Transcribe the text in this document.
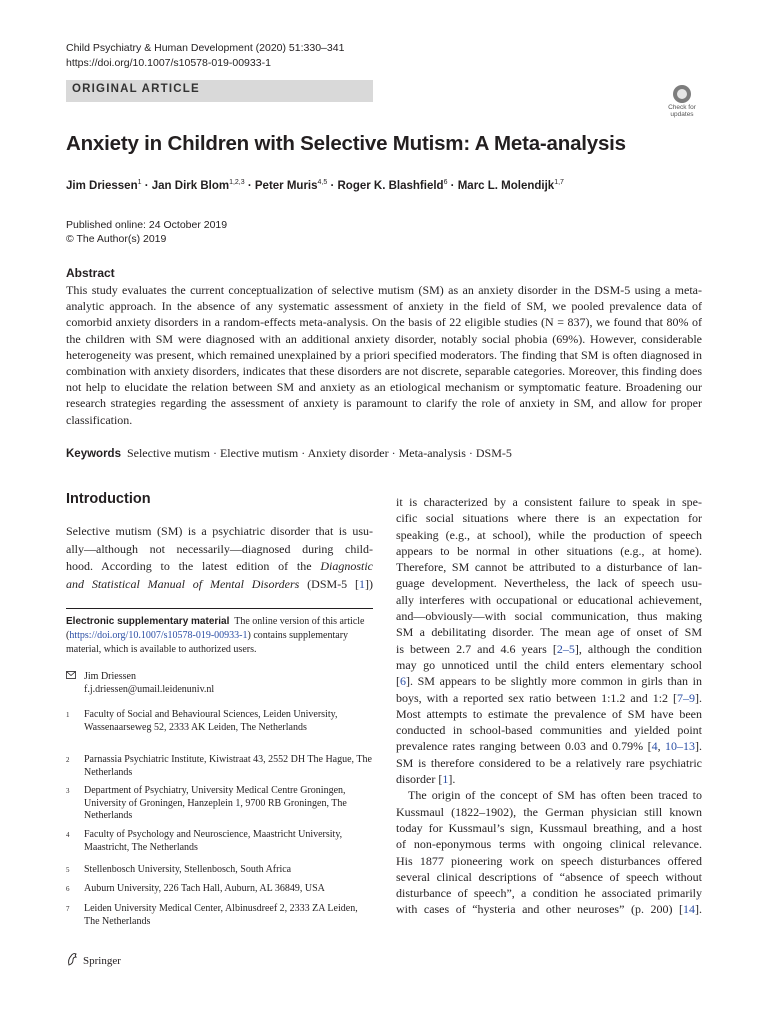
Child Psychiatry & Human Development (2020) 51:330–341
https://doi.org/10.1007/s10578-019-00933-1
ORIGINAL ARTICLE
Check for
updates
Anxiety in Children with Selective Mutism: A Meta-analysis
Jim Driessen$^1$ · Jan Dirk Blom$^{1,2,3}$ · Peter Muris$^{4,5}$ · Roger K. Blashfield$^6$ · Marc L. Molendijk$^{1,7}$
Published online: 24 October 2019
© The Author(s) 2019
Abstract
This study evaluates the current conceptualization of selective mutism (SM) as an anxiety disorder in the DSM-5 using a meta-analytic approach. In the absence of any systematic assessment of anxiety in the field of SM, we pooled prevalence data of comorbid anxiety disorders in a random-effects meta-analysis. On the basis of 22 eligible studies (N = 837), we found that 80% of the children with SM were diagnosed with an additional anxiety disorder, notably social phobia (69%). However, considerable heterogeneity was present, which remained unexplained by a priori specified moderators. The finding that SM is often diagnosed in combination with anxiety disorders, indicates that these disorders are not discrete, separable categories. Moreover, this finding does not help to elucidate the relation between SM and anxiety as an etiological mechanism or symptomatic feature. Broadening our research strategies regarding the assessment of anxiety is paramount to clarify the role of anxiety in SM, and allow for proper classification.
Keywords Selective mutism · Elective mutism · Anxiety disorder · Meta-analysis · DSM-5
Introduction
Selective mutism (SM) is a psychiatric disorder that is usu-
ally—although not necessarily—diagnosed during child-
hood. According to the latest edition of the Diagnostic
and Statistical Manual of Mental Disorders (DSM-5 [1])
Electronic supplementary material The online version of this article (https://doi.org/10.1007/s10578-019-00933-1) contains supplementary material, which is available to authorized users.
Jim Driessen
f.j.driessen@umail.leidenuniv.nl
1 Faculty of Social and Behavioural Sciences, Leiden University, Wassenaarseweg 52, 2333 AK Leiden, The Netherlands
2 Parnassia Psychiatric Institute, Kiwistraat 43, 2552 DH The Hague, The Netherlands
3 Department of Psychiatry, University Medical Centre Groningen, University of Groningen, Hanzeplein 1, 9700 RB Groningen, The Netherlands
4 Faculty of Psychology and Neuroscience, Maastricht University, Maastricht, The Netherlands
5 Stellenbosch University, Stellenbosch, South Africa
6 Auburn University, 226 Tach Hall, Auburn, AL 36849, USA
7 Leiden University Medical Center, Albinusdreef 2, 2333 ZA Leiden, The Netherlands
it is characterized by a consistent failure to speak in spe-
cific social situations where there is an expectation for
speaking (e.g., at school), while the production of speech
appears to be normal in other situations (e.g., at home).
Therefore, SM cannot be attributed to a disturbance of lan-
guage development. Nevertheless, the lack of speech usu-
ally interferes with occupational or educational achievement,
and—obviously—with social communication, thus making
SM a debilitating disorder. The mean age of onset of SM
is between 2.7 and 4.6 years [2–5], although the condition
may go unnoticed until the child enters elementary school
[6]. SM appears to be slightly more common in girls than in
boys, with a reported sex ratio between 1:1.2 and 1:2 [7–9].
Most attempts to estimate the prevalence of SM have been
conducted in school-based communities and yielded point
prevalence rates ranging between 0.03 and 0.79% [4, 10–13].
SM is therefore considered to be a relatively rare psychiatric
disorder [1].
The origin of the concept of SM has often been traced to
Kussmaul (1822–1902), the German physician still known
today for Kussmaul’s sign, Kussmaul breathing, and a host
of non-eponymous terms with ongoing clinical relevance.
His 1877 pioneering work on speech disturbances offered
several clinical descriptions of “absence of speech without
disturbance of speech”, a condition he associated primarily
with cases of “hysteria and other neuroses” (p. 200) [14].
Springer
